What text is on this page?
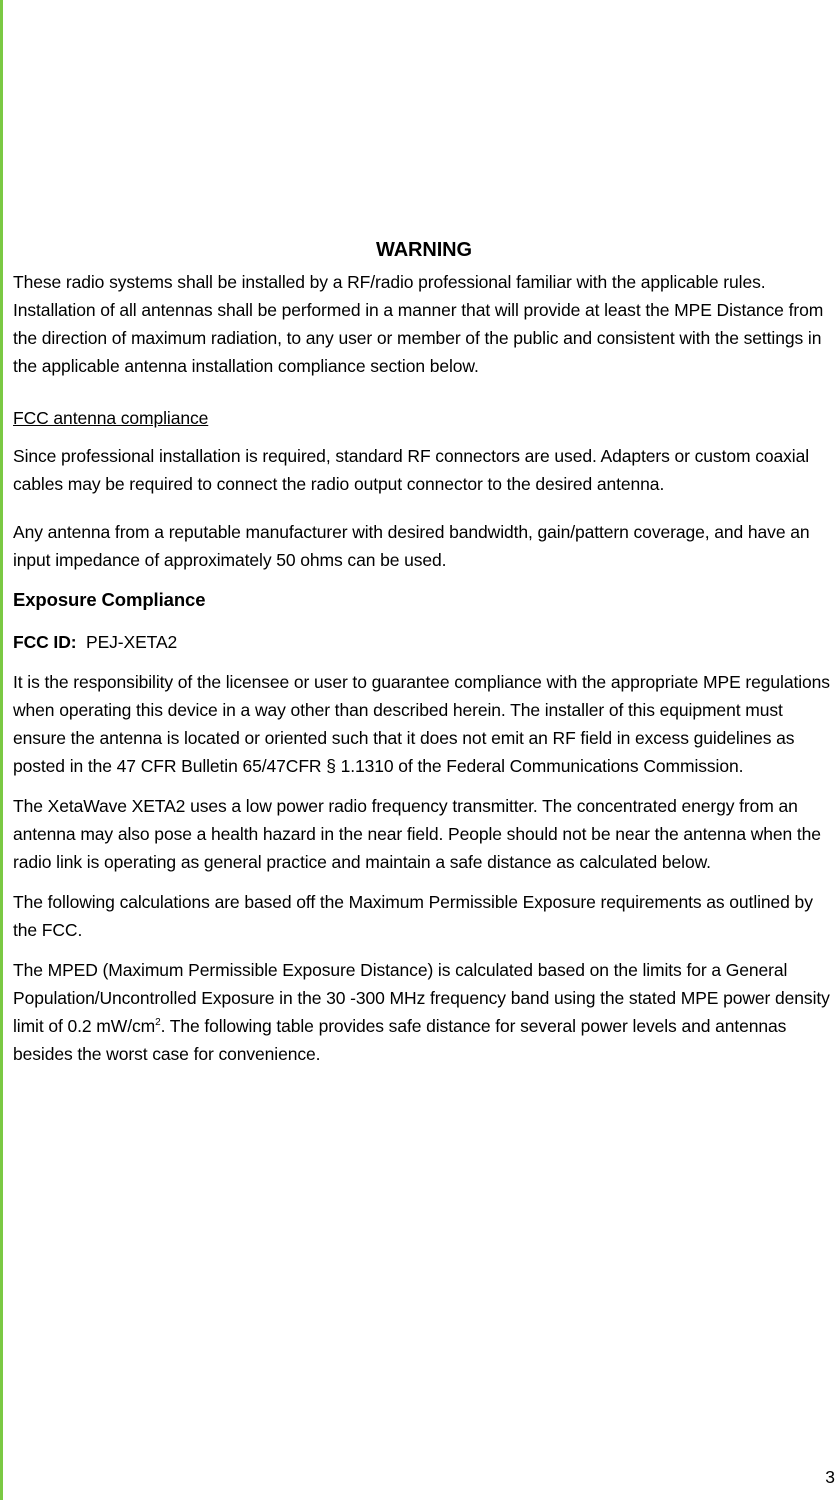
WARNING

These radio systems shall be installed by a RF/radio professional familiar with the applicable rules. Installation of all antennas shall be performed in a manner that will provide at least the MPE Distance from the direction of maximum radiation, to any user or member of the public and consistent with the settings in the applicable antenna installation compliance section below.

FCC antenna compliance

Since professional installation is required, standard RF connectors are used. Adapters or custom coaxial cables may be required to connect the radio output connector to the desired antenna.

Any antenna from a reputable manufacturer with desired bandwidth, gain/pattern coverage, and have an input impedance of approximately 50 ohms can be used.

Exposure Compliance

FCC ID: PEJ-XETA2

It is the responsibility of the licensee or user to guarantee compliance with the appropriate MPE regulations when operating this device in a way other than described herein. The installer of this equipment must ensure the antenna is located or oriented such that it does not emit an RF field in excess guidelines as posted in the 47 CFR Bulletin 65/47CFR § 1.1310 of the Federal Communications Commission.

The XetaWave XETA2 uses a low power radio frequency transmitter. The concentrated energy from an antenna may also pose a health hazard in the near field. People should not be near the antenna when the radio link is operating as general practice and maintain a safe distance as calculated below.

The following calculations are based off the Maximum Permissible Exposure requirements as outlined by the FCC.

The MPED (Maximum Permissible Exposure Distance) is calculated based on the limits for a General Population/Uncontrolled Exposure in the 30 -300 MHz frequency band using the stated MPE power density limit of 0.2 $mW/cm^2$. The following table provides safe distance for several power levels and antennas besides the worst case for convenience.

3
